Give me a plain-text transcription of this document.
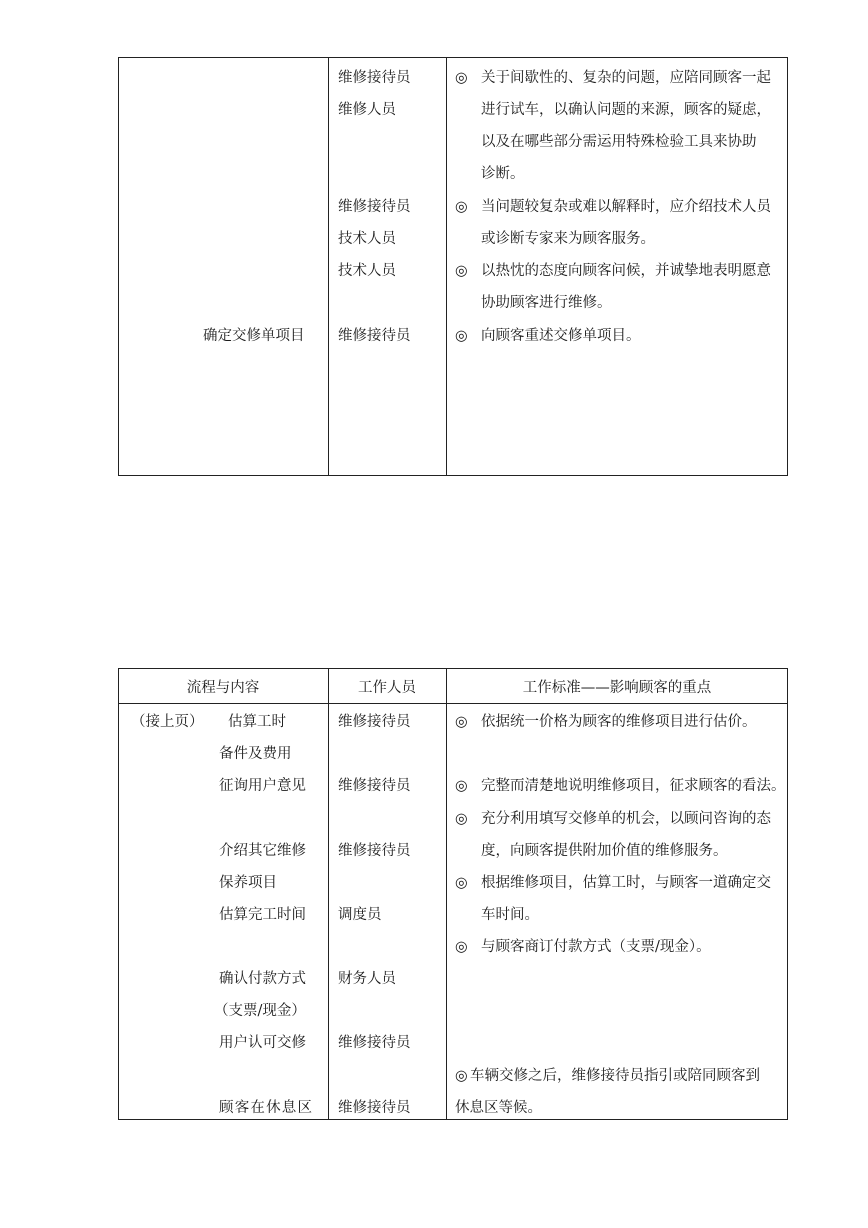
维修接待员
维修人员
维修接待员
技术人员
技术人员
维修接待员
确定交修单项目
◎ 关于间歇性的、复杂的问题，应陪同顾客一起
进行试车，以确认问题的来源，顾客的疑虑，
以及在哪些部分需运用特殊检验工具来协助
诊断。
◎ 当问题较复杂或难以解释时，应介绍技术人员
或诊断专家来为顾客服务。
◎ 以热忱的态度向顾客问候，并诚挚地表明愿意
协助顾客进行维修。
◎ 向顾客重述交修单项目。
流程与内容	工作人员	工作标准——影响顾客的重点
（接上页） 估算工时
备件及费用
征询用户意见
介绍其它维修
保养项目
估算完工时间
确认付款方式
（支票/现金）
用户认可交修
顾客在休息区
维修接待员
维修接待员
维修接待员
调度员
财务人员
维修接待员
维修接待员
◎ 依据统一价格为顾客的维修项目进行估价。
◎ 完整而清楚地说明维修项目，征求顾客的看法。
◎ 充分利用填写交修单的机会，以顾问咨询的态
度，向顾客提供附加价值的维修服务。
◎ 根据维修项目，估算工时，与顾客一道确定交
车时间。
◎ 与顾客商订付款方式（支票/现金）。
◎ 车辆交修之后，维修接待员指引或陪同顾客到
休息区等候。
